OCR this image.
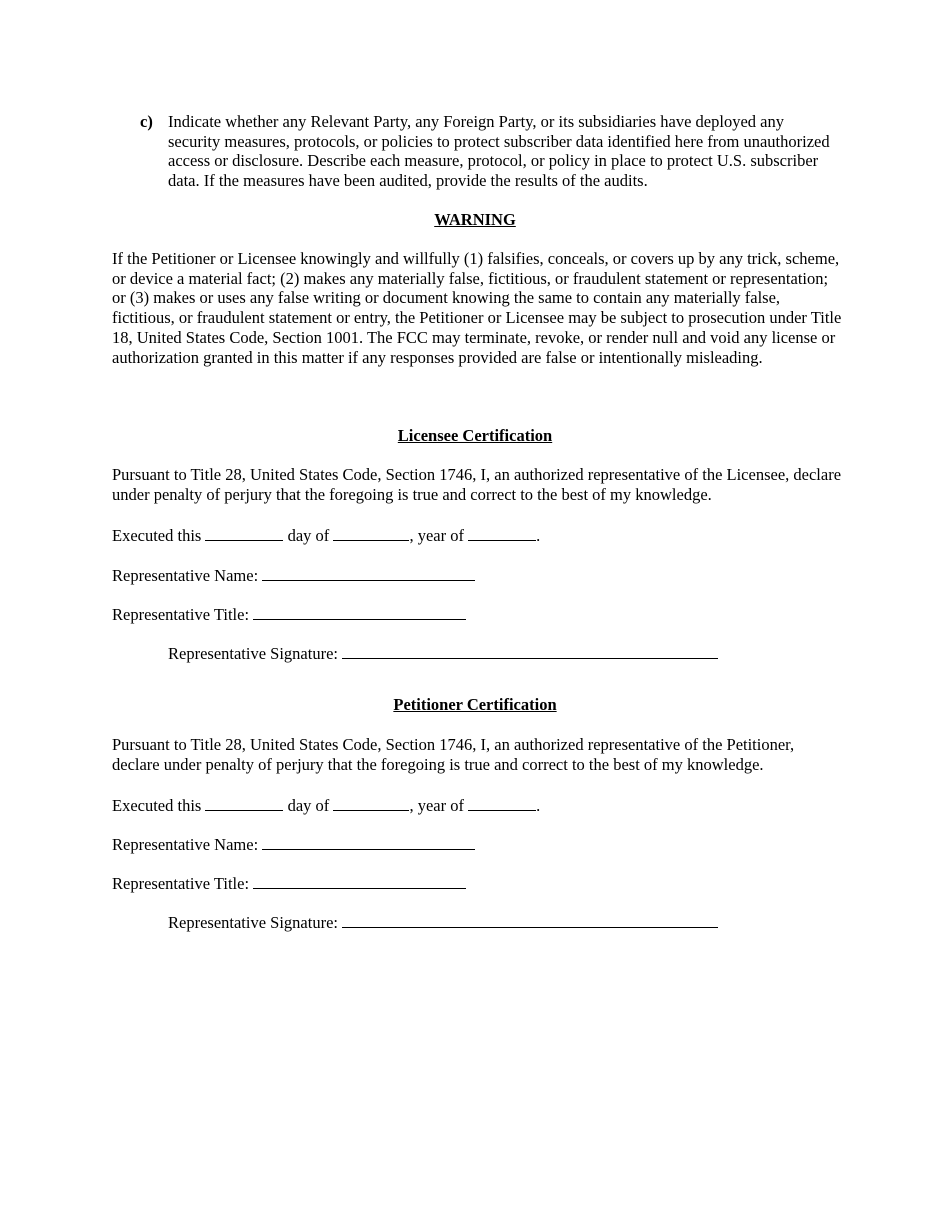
c) Indicate whether any Relevant Party, any Foreign Party, or its subsidiaries have deployed any security measures, protocols, or policies to protect subscriber data identified here from unauthorized access or disclosure. Describe each measure, protocol, or policy in place to protect U.S. subscriber data. If the measures have been audited, provide the results of the audits.
WARNING
If the Petitioner or Licensee knowingly and willfully (1) falsifies, conceals, or covers up by any trick, scheme, or device a material fact; (2) makes any materially false, fictitious, or fraudulent statement or representation; or (3) makes or uses any false writing or document knowing the same to contain any materially false, fictitious, or fraudulent statement or entry, the Petitioner or Licensee may be subject to prosecution under Title 18, United States Code, Section 1001. The FCC may terminate, revoke, or render null and void any license or authorization granted in this matter if any responses provided are false or intentionally misleading.
Licensee Certification
Pursuant to Title 28, United States Code, Section 1746, I, an authorized representative of the Licensee, declare under penalty of perjury that the foregoing is true and correct to the best of my knowledge.
Executed this	day of	, year of	.
Representative Name:
Representative Title:
Representative Signature:
Petitioner Certification
Pursuant to Title 28, United States Code, Section 1746, I, an authorized representative of the Petitioner, declare under penalty of perjury that the foregoing is true and correct to the best of my knowledge.
Executed this	day of	, year of	.
Representative Name:
Representative Title:
Representative Signature:
